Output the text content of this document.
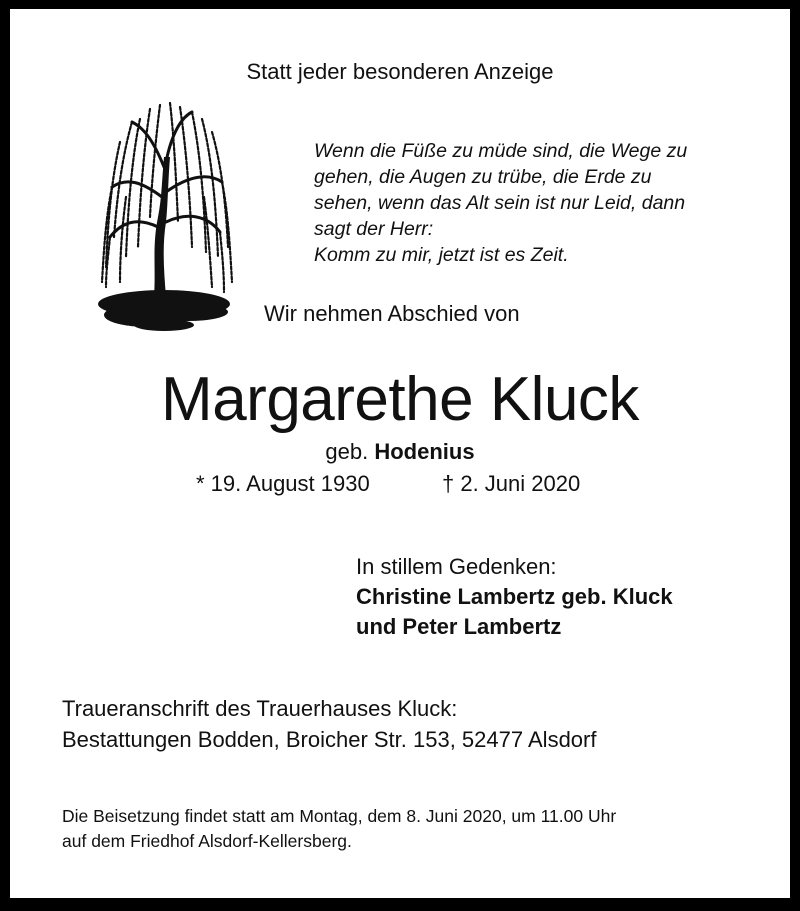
Statt jeder besonderen Anzeige
Wenn die Füße zu müde sind, die Wege zu
gehen, die Augen zu trübe, die Erde zu
sehen, wenn das Alt sein ist nur Leid, dann
sagt der Herr:
Komm zu mir, jetzt ist es Zeit.
Wir nehmen Abschied von
Margarethe Kluck
geb. Hodenius
* 19. August 1930	† 2. Juni 2020
In stillem Gedenken:
Christine Lambertz geb. Kluck
und Peter Lambertz
Traueranschrift des Trauerhauses Kluck:
Bestattungen Bodden, Broicher Str. 153, 52477 Alsdorf
Die Beisetzung findet statt am Montag, dem 8. Juni 2020, um 11.00 Uhr
auf dem Friedhof Alsdorf-Kellersberg.
